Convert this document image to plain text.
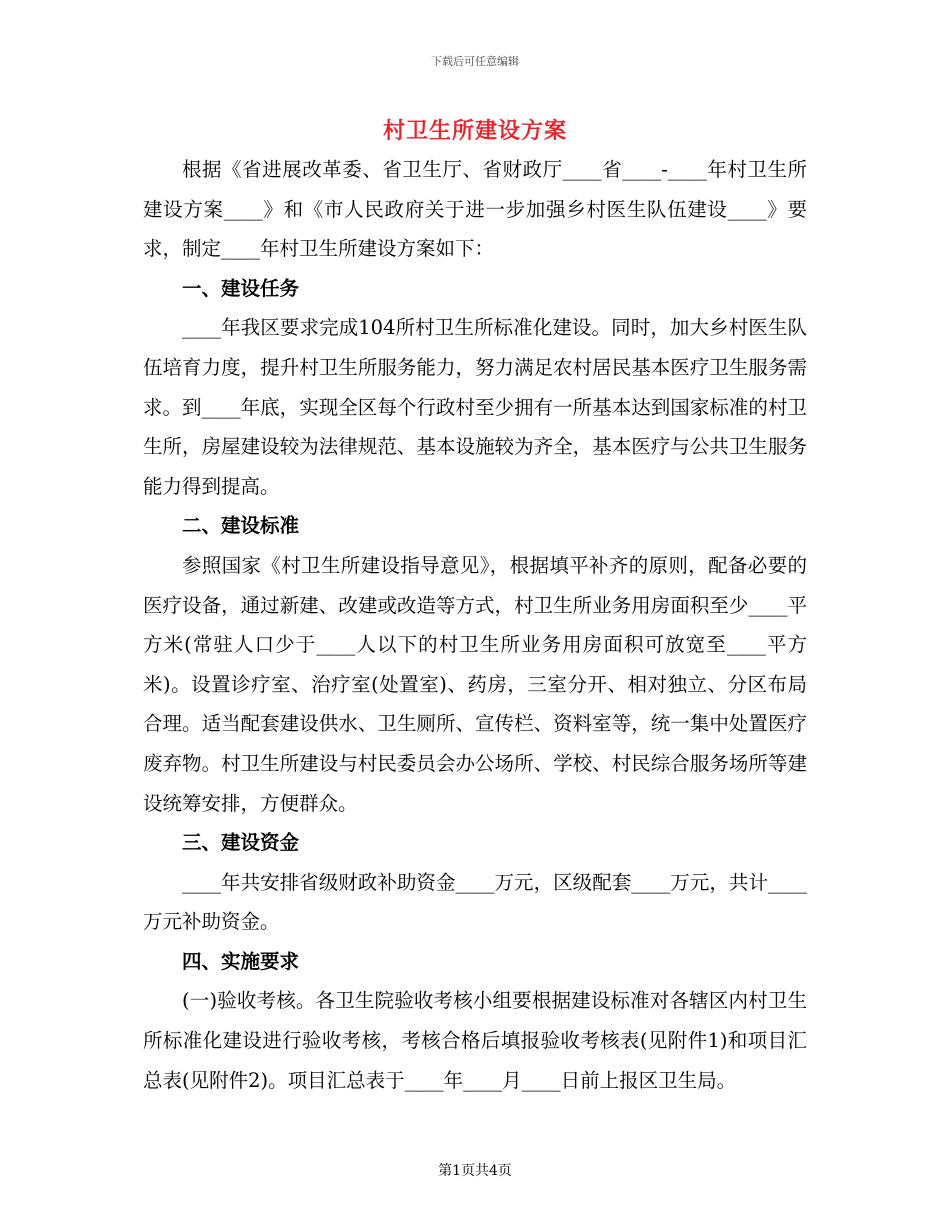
下载后可任意编辑
村卫生所建设方案

根据《省进展改革委、省卫生厅、省财政厅____省____-____年村卫生所建设方案____》和《市人民政府关于进一步加强乡村医生队伍建设____》要求，制定____年村卫生所建设方案如下：

一、建设任务

____年我区要求完成104所村卫生所标准化建设。同时，加大乡村医生队伍培育力度，提升村卫生所服务能力，努力满足农村居民基本医疗卫生服务需求。到____年底，实现全区每个行政村至少拥有一所基本达到国家标准的村卫生所，房屋建设较为法律规范、基本设施较为齐全，基本医疗与公共卫生服务能力得到提高。

二、建设标准

参照国家《村卫生所建设指导意见》，根据填平补齐的原则，配备必要的医疗设备，通过新建、改建或改造等方式，村卫生所业务用房面积至少____平方米(常驻人口少于____人以下的村卫生所业务用房面积可放宽至____平方米)。设置诊疗室、治疗室(处置室)、药房，三室分开、相对独立、分区布局合理。适当配套建设供水、卫生厕所、宣传栏、资料室等，统一集中处置医疗废弃物。村卫生所建设与村民委员会办公场所、学校、村民综合服务场所等建设统筹安排，方便群众。

三、建设资金

____年共安排省级财政补助资金____万元，区级配套____万元，共计____万元补助资金。

四、实施要求

(一)验收考核。各卫生院验收考核小组要根据建设标准对各辖区内村卫生所标准化建设进行验收考核，考核合格后填报验收考核表(见附件1)和项目汇总表(见附件2)。项目汇总表于____年____月____日前上报区卫生局。

第1页共4页
